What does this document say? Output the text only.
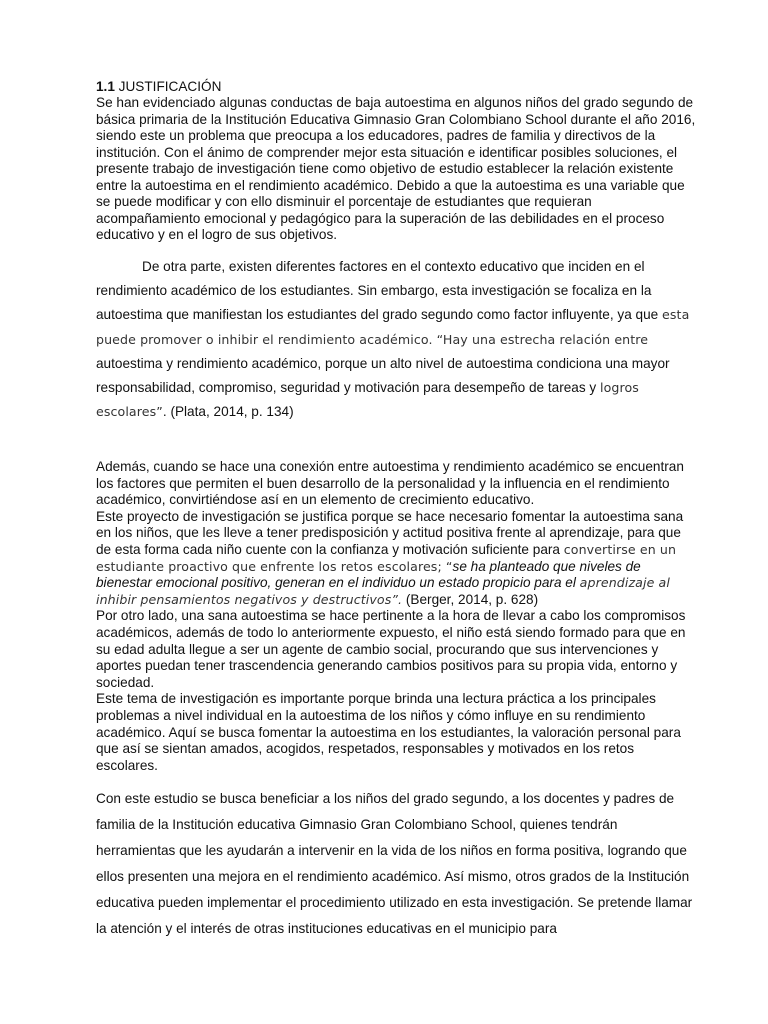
1.1 JUSTIFICACIÓN

Se han evidenciado algunas conductas de baja autoestima en algunos niños del grado segundo de básica primaria de la Institución Educativa Gimnasio Gran Colombiano School durante el año 2016, siendo este un problema que preocupa a los educadores, padres de familia y directivos de la institución. Con el ánimo de comprender mejor esta situación e identificar posibles soluciones, el presente trabajo de investigación tiene como objetivo de estudio establecer la relación existente entre la autoestima en el rendimiento académico. Debido a que la autoestima es una variable que se puede modificar y con ello disminuir el porcentaje de estudiantes que requieran acompañamiento emocional y pedagógico para la superación de las debilidades en el proceso educativo y en el logro de sus objetivos.

De otra parte, existen diferentes factores en el contexto educativo que inciden en el rendimiento académico de los estudiantes. Sin embargo, esta investigación se focaliza en la autoestima que manifiestan los estudiantes del grado segundo como factor influyente, ya que esta puede promover o inhibir el rendimiento académico. “Hay una estrecha relación entre autoestima y rendimiento académico, porque un alto nivel de autoestima condiciona una mayor responsabilidad, compromiso, seguridad y motivación para desempeño de tareas y logros escolares”. (Plata, 2014, p. 134)

Además, cuando se hace una conexión entre autoestima y rendimiento académico se encuentran los factores que permiten el buen desarrollo de la personalidad y la influencia en el rendimiento académico, convirtiéndose así en un elemento de crecimiento educativo.
Este proyecto de investigación se justifica porque se hace necesario fomentar la autoestima sana en los niños, que les lleve a tener predisposición y actitud positiva frente al aprendizaje, para que de esta forma cada niño cuente con la confianza y motivación suficiente para convertirse en un estudiante proactivo que enfrente los retos escolares; “se ha planteado que niveles de bienestar emocional positivo, generan en el individuo un estado propicio para el aprendizaje al inhibir pensamientos negativos y destructivos”. (Berger, 2014, p. 628)
Por otro lado, una sana autoestima se hace pertinente a la hora de llevar a cabo los compromisos académicos, además de todo lo anteriormente expuesto, el niño está siendo formado para que en su edad adulta llegue a ser un agente de cambio social, procurando que sus intervenciones y aportes puedan tener trascendencia generando cambios positivos para su propia vida, entorno y sociedad.
Este tema de investigación es importante porque brinda una lectura práctica a los principales problemas a nivel individual en la autoestima de los niños y cómo influye en su rendimiento académico. Aquí se busca fomentar la autoestima en los estudiantes, la valoración personal para que así se sientan amados, acogidos, respetados, responsables y motivados en los retos escolares.

Con este estudio se busca beneficiar a los niños del grado segundo, a los docentes y padres de familia de la Institución educativa Gimnasio Gran Colombiano School, quienes tendrán herramientas que les ayudarán a intervenir en la vida de los niños en forma positiva, logrando que ellos presenten una mejora en el rendimiento académico. Así mismo, otros grados de la Institución educativa pueden implementar el procedimiento utilizado en esta investigación. Se pretende llamar la atención y el interés de otras instituciones educativas en el municipio para
